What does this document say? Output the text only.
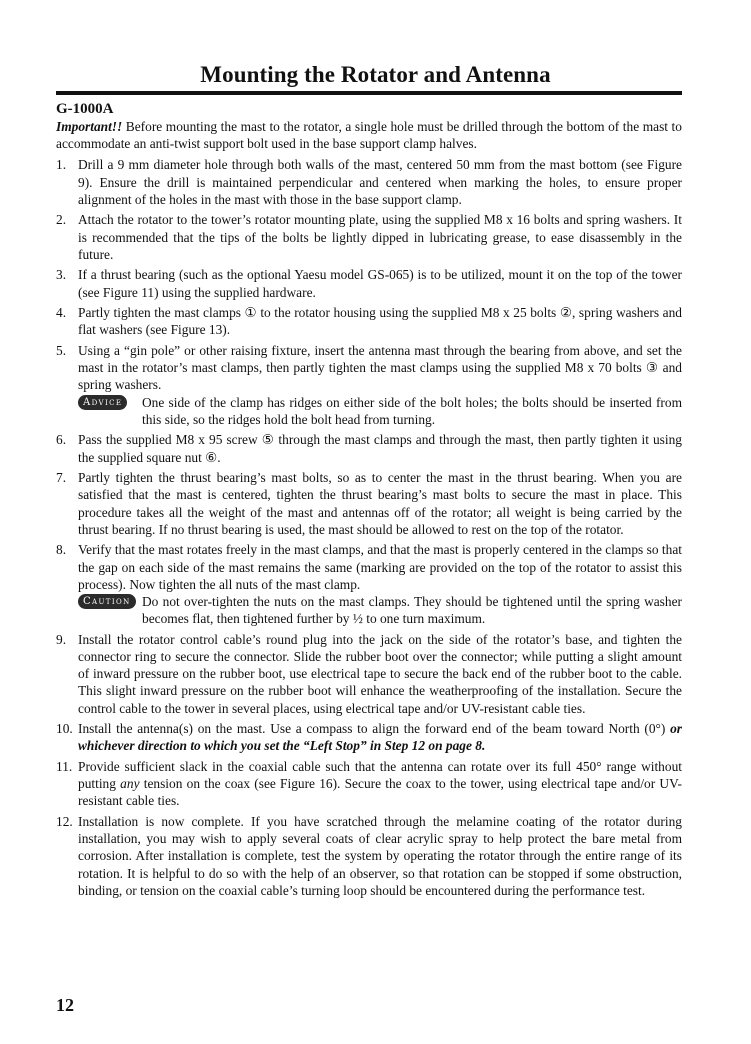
Mounting the Rotator and Antenna
G-1000A

Important!! Before mounting the mast to the rotator, a single hole must be drilled through the bottom of the mast to accommodate an anti-twist support bolt used in the base support clamp halves.

1. Drill a 9 mm diameter hole through both walls of the mast, centered 50 mm from the mast bottom (see Figure 9). Ensure the drill is maintained perpendicular and centered when marking the holes, to ensure proper alignment of the holes in the mast with those in the base support clamp.
2. Attach the rotator to the tower’s rotator mounting plate, using the supplied M8 x 16 bolts and spring washers. It is recommended that the tips of the bolts be lightly dipped in lubricating grease, to ease disassembly in the future.
3. If a thrust bearing (such as the optional Yaesu model GS-065) is to be utilized, mount it on the top of the tower (see Figure 11) using the supplied hardware.
4. Partly tighten the mast clamps ① to the rotator housing using the supplied M8 x 25 bolts ②, spring washers and flat washers (see Figure 13).
5. Using a “gin pole” or other raising fixture, insert the antenna mast through the bearing from above, and set the mast in the rotator’s mast clamps, then partly tighten the mast clamps using the supplied M8 x 70 bolts ③ and spring washers.
Advice	One side of the clamp has ridges on either side of the bolt holes; the bolts should be inserted from this side, so the ridges hold the bolt head from turning.
6. Pass the supplied M8 x 95 screw ⑤ through the mast clamps and through the mast, then partly tighten it using the supplied square nut ⑥.
7. Partly tighten the thrust bearing’s mast bolts, so as to center the mast in the thrust bearing. When you are satisfied that the mast is centered, tighten the thrust bearing’s mast bolts to secure the mast in place. This procedure takes all the weight of the mast and antennas off of the rotator; all weight is being carried by the thrust bearing. If no thrust bearing is used, the mast should be allowed to rest on the top of the rotator.
8. Verify that the mast rotates freely in the mast clamps, and that the mast is properly centered in the clamps so that the gap on each side of the mast remains the same (marking are provided on the top of the rotator to assist this process). Now tighten the all nuts of the mast clamp.
Caution Do not over-tighten the nuts on the mast clamps. They should be tightened until the spring washer becomes flat, then tightened further by ½ to one turn maximum.
9. Install the rotator control cable’s round plug into the jack on the side of the rotator’s base, and tighten the connector ring to secure the connector. Slide the rubber boot over the connector; while putting a slight amount of inward pressure on the rubber boot, use electrical tape to secure the back end of the rubber boot to the cable. This slight inward pressure on the rubber boot will enhance the weatherproofing of the installation. Secure the control cable to the tower in several places, using electrical tape and/or UV-resistant cable ties.
10. Install the antenna(s) on the mast. Use a compass to align the forward end of the beam toward North (0°) or whichever direction to which you set the “Left Stop” in Step 12 on page 8.
11. Provide sufficient slack in the coaxial cable such that the antenna can rotate over its full 450° range without putting any tension on the coax (see Figure 16). Secure the coax to the tower, using electrical tape and/or UV-resistant cable ties.
12. Installation is now complete. If you have scratched through the melamine coating of the rotator during installation, you may wish to apply several coats of clear acrylic spray to help protect the bare metal from corrosion. After installation is complete, test the system by operating the rotator through the entire range of its rotation. It is helpful to do so with the help of an observer, so that rotation can be stopped if some obstruction, binding, or tension on the coaxial cable’s turning loop should be encountered during the performance test.
12
